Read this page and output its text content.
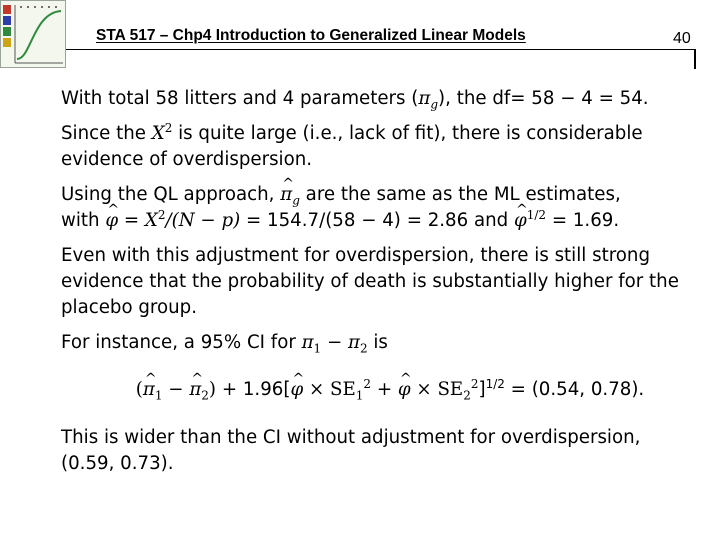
STA 517 – Chp4 Introduction to Generalized Linear Models	40

With total 58 litters and 4 parameters $(\pi_g)$, the df= 58 − 4 = 54.

Since the $X^2$ is quite large (i.e., lack of fit), there is considerable
evidence of overdispersion.

Using the QL approach, ^ $\pi_g$ are the same as the ML estimates,
with ^ $\varphi = X^2/(N - p) = 154.7/(58 - 4) = 2.86$ and ^ $\varphi^{1/2} = 1.69$.

Even with this adjustment for overdispersion, there is still strong
evidence that the probability of death is substantially higher for the
placebo group.

For instance, a 95% CI for $\pi_1 - \pi_2$ is

(^ $\pi_1$ − ^ $\pi_2$) + 1.96[^ $\varphi \times SE_1^2$ + ^ $\varphi \times SE_2^2]^{1/2} = (0.54$, 0.78).

This is wider than the CI without adjustment for overdispersion,
(0.59, 0.73).
